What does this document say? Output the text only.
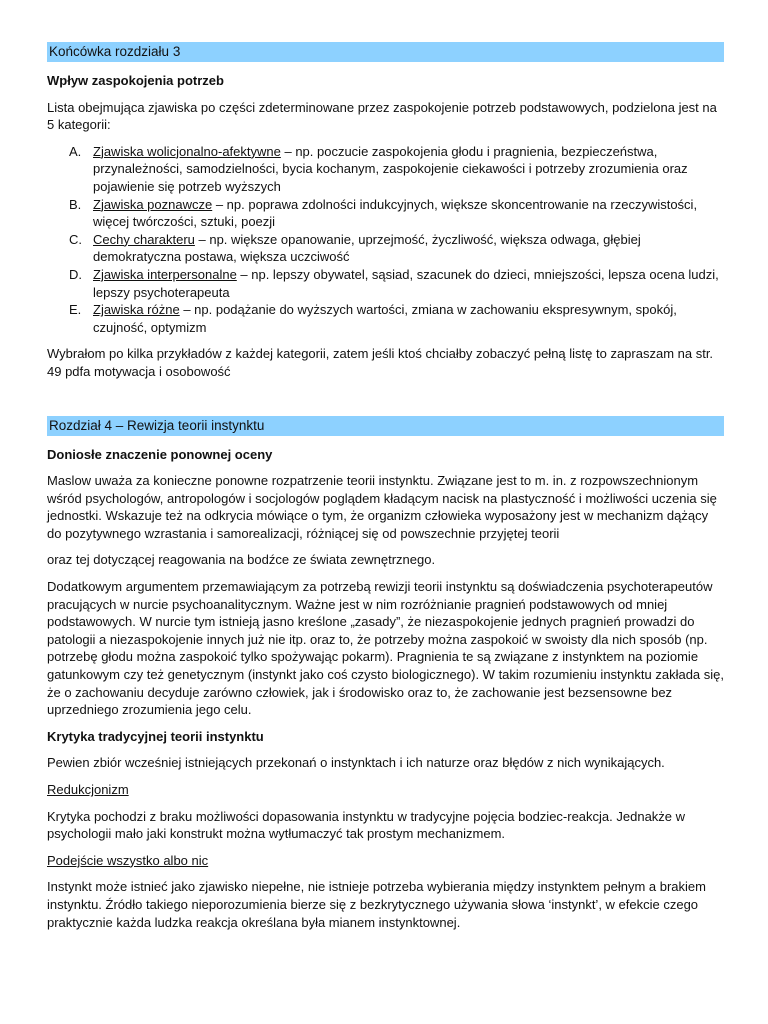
Końcówka rozdziału 3
Wpływ zaspokojenia potrzeb

Lista obejmująca zjawiska po części zdeterminowane przez zaspokojenie potrzeb podstawowych, podzielona jest na 5 kategorii:

A. Zjawiska wolicjonalno-afektywne – np. poczucie zaspokojenia głodu i pragnienia, bezpieczeństwa, przynależności, samodzielności, bycia kochanym, zaspokojenie ciekawości i potrzeby zrozumienia oraz pojawienie się potrzeb wyższych
B. Zjawiska poznawcze – np. poprawa zdolności indukcyjnych, większe skoncentrowanie na rzeczywistości, więcej twórczości, sztuki, poezji
C. Cechy charakteru – np. większe opanowanie, uprzejmość, życzliwość, większa odwaga, głębiej demokratyczna postawa, większa uczciwość
D. Zjawiska interpersonalne – np. lepszy obywatel, sąsiad, szacunek do dzieci, mniejszości, lepsza ocena ludzi, lepszy psychoterapeuta
E. Zjawiska różne – np. podążanie do wyższych wartości, zmiana w zachowaniu ekspresywnym, spokój, czujność, optymizm

Wybrałom po kilka przykładów z każdej kategorii, zatem jeśli ktoś chciałby zobaczyć pełną listę to zapraszam na str. 49 pdfa motywacja i osobowość

Rozdział 4 – Rewizja teorii instynktu
Doniosłe znaczenie ponownej oceny

Maslow uważa za konieczne ponowne rozpatrzenie teorii instynktu. Związane jest to m. in. z rozpowszechnionym wśród psychologów, antropologów i socjologów poglądem kładącym nacisk na plastyczność i możliwości uczenia się jednostki. Wskazuje też na odkrycia mówiące o tym, że organizm człowieka wyposażony jest w mechanizm dążący do pozytywnego wzrastania i samorealizacji, różniącej się od powszechnie przyjętej teorii

oraz tej dotyczącej reagowania na bodźce ze świata zewnętrznego.

Dodatkowym argumentem przemawiającym za potrzebą rewizji teorii instynktu są doświadczenia psychoterapeutów pracujących w nurcie psychoanalitycznym. Ważne jest w nim rozróżnianie pragnień podstawowych od mniej podstawowych. W nurcie tym istnieją jasno kreślone „zasady”, że niezaspokojenie jednych pragnień prowadzi do patologii a niezaspokojenie innych już nie itp. oraz to, że potrzeby można zaspokoić w swoisty dla nich sposób (np. potrzebę głodu można zaspokoić tylko spożywając pokarm). Pragnienia te są związane z instynktem na poziomie gatunkowym czy też genetycznym (instynkt jako coś czysto biologicznego). W takim rozumieniu instynktu zakłada się, że o zachowaniu decyduje zarówno człowiek, jak i środowisko oraz to, że zachowanie jest bezsensowne bez uprzedniego zrozumienia jego celu.

Krytyka tradycyjnej teorii instynktu

Pewien zbiór wcześniej istniejących przekonań o instynktach i ich naturze oraz błędów z nich wynikających.

Redukcjonizm

Krytyka pochodzi z braku możliwości dopasowania instynktu w tradycyjne pojęcia bodziec-reakcja. Jednakże w psychologii mało jaki konstrukt można wytłumaczyć tak prostym mechanizmem.

Podejście wszystko albo nic

Instynkt może istnieć jako zjawisko niepełne, nie istnieje potrzeba wybierania między instynktem pełnym a brakiem instynktu. Źródło takiego nieporozumienia bierze się z bezkrytycznego używania słowa ‘instynkt’, w efekcie czego praktycznie każda ludzka reakcja określana była mianem instynktownej.
